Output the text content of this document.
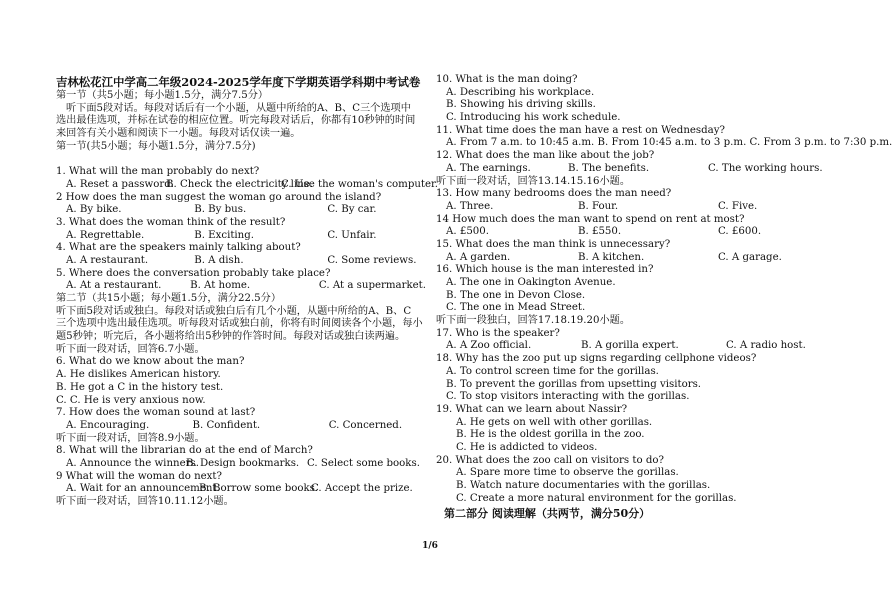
吉林松花江中学高二年级2024-2025学年度下学期英语学科期中考试卷
第一节（共5小题；每小题1.5分，满分7.5分）
听下面5段对话。每段对话后有一个小题，从题中所给的A、B、C三个选项中
选出最佳选项，并标在试卷的相应位置。听完每段对话后，你都有10秒钟的时间
来回答有关小题和阅读下一小题。每段对话仅读一遍。
第一节(共5小题；每小题1.5分，满分7.5分)
1. What will the man probably do next?
A. Reset a password.
B. Check the electricity line.
C. Use the woman's computer.
2 How does the man suggest the woman go around the island?
A. By bike.	B. By bus.	C. By car.
3. What does the woman think of the result?
A. Regrettable.	B. Exciting.	C. Unfair.
4. What are the speakers mainly talking about?
A. A restaurant.	B. A dish.	C. Some reviews.
5. Where does the conversation probably take place?
A. At a restaurant.	B. At home.	C. At a supermarket.
第二节（共15小题；每小题1.5分，满分22.5分）
听下面5段对话或独白。每段对话或独白后有几个小题，从题中所给的A、B、C
三个选项中选出最佳选项。听每段对话或独白前，你将有时间阅读各个小题，每小
题5秒钟；听完后，各小题将给出5秒钟的作答时间。每段对话或独白读两遍。
听下面一段对话，回答6.7小题。
6. What do we know about the man?
A. He dislikes American history.
B. He got a C in the history test.
C. C. He is very anxious now.
7. How does the woman sound at last?
A. Encouraging.	B. Confident.	C. Concerned.
听下面一段对话，回答8.9小题。
8. What will the librarian do at the end of March?
A. Announce the winners.
B. Design bookmarks. C. Select some books.
9 What will the woman do next?
A. Wait for an announcement.
B. Borrow some books.
C. Accept the prize.
听下面一段对话，回答10.11.12小题。
10. What is the man doing?
A. Describing his workplace.
B. Showing his driving skills.
C. Introducing his work schedule.
11. What time does the man have a rest on Wednesday?
A. From 7 a.m. to 10:45 a.m. B. From 10:45 a.m. to 3 p.m. C. From 3 p.m. to 7:30 p.m.
12. What does the man like about the job?
A. The earnings.	B. The benefits.	C. The working hours.
听下面一段对话，回答13.14.15.16小题。
13. How many bedrooms does the man need?
A. Three.	B. Four.	C. Five.
14 How much does the man want to spend on rent at most?
A. £500.	B. £550.	C. £600.
15. What does the man think is unnecessary?
A. A garden.	B. A kitchen.	C. A garage.
16. Which house is the man interested in?
A. The one in Oakington Avenue.
B. The one in Devon Close.
C. The one in Mead Street.
听下面一段独白，回答17.18.19.20小题。
17. Who is the speaker?
A. A Zoo official.	B. A gorilla expert.	C. A radio host.
18. Why has the zoo put up signs regarding cellphone videos?
A. To control screen time for the gorillas.
B. To prevent the gorillas from upsetting visitors.
C. To stop visitors interacting with the gorillas.
19. What can we learn about Nassir?
A. He gets on well with other gorillas.
B. He is the oldest gorilla in the zoo.
C. He is addicted to videos.
20. What does the zoo call on visitors to do?
A. Spare more time to observe the gorillas.
B. Watch nature documentaries with the gorillas.
C. Create a more natural environment for the gorillas.
第二部分 阅读理解（共两节，满分50分）
1/6
